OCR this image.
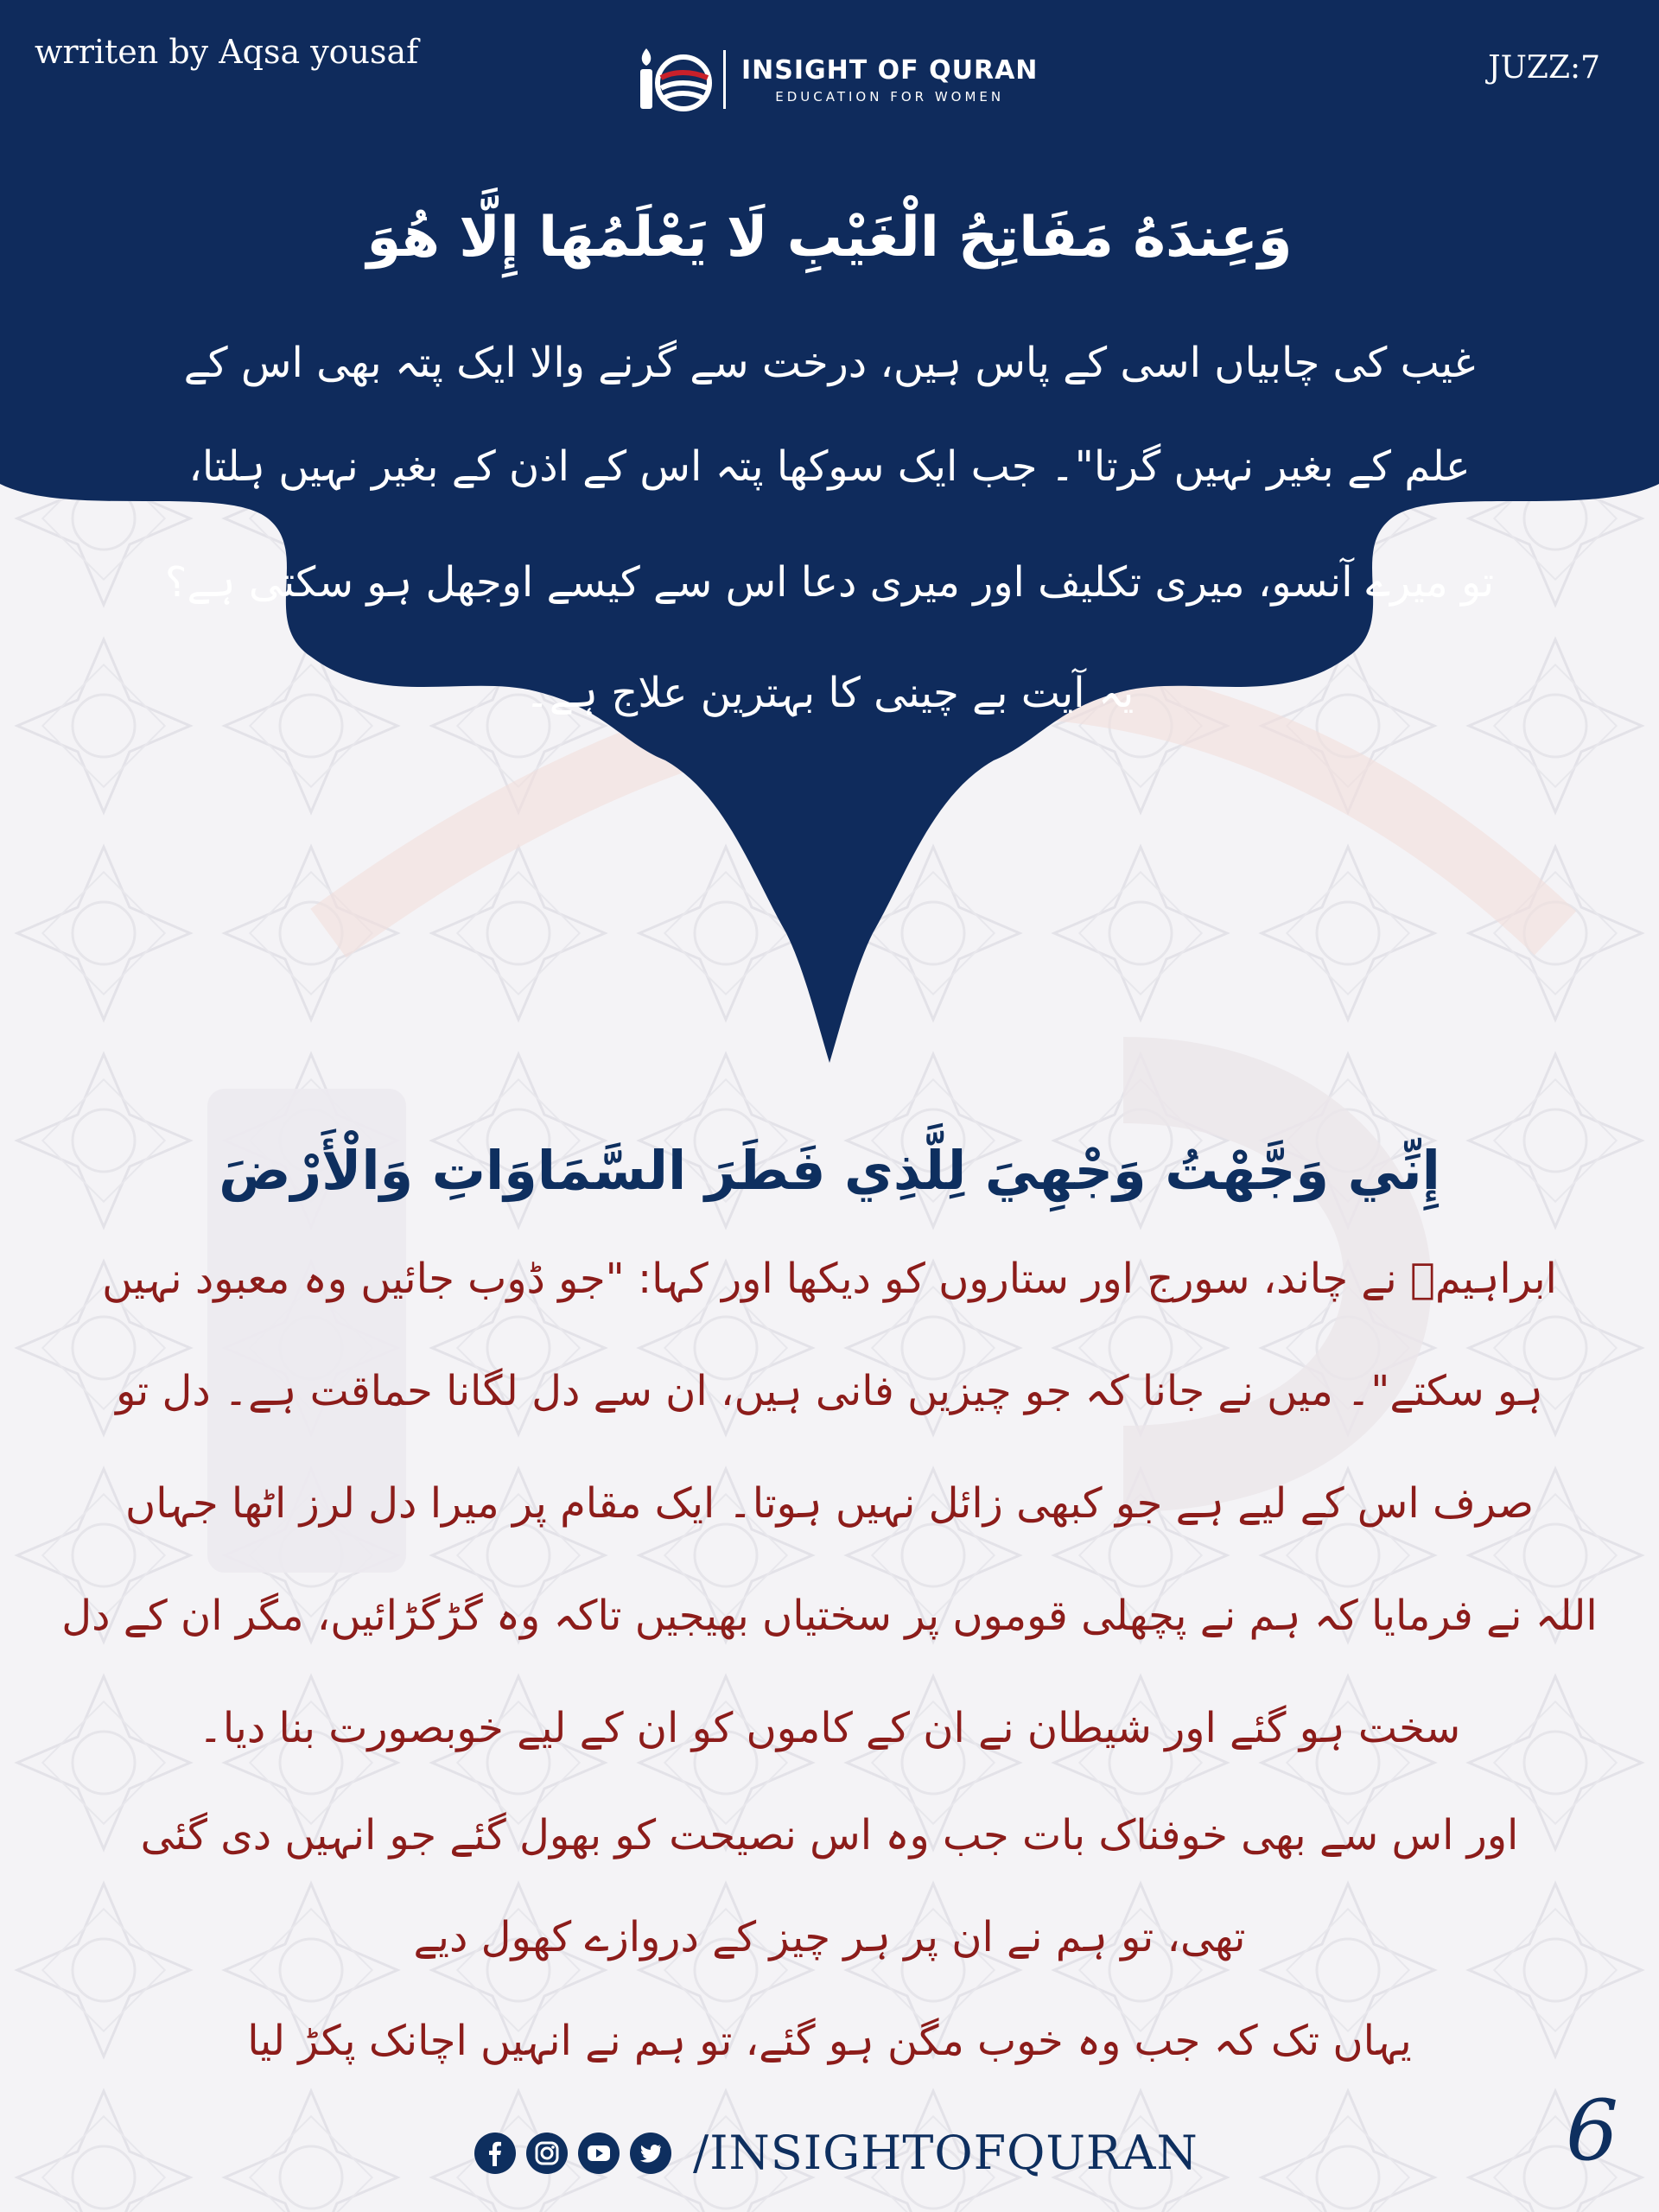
wrriten by Aqsa yousaf	JUZZ:7
INSIGHT OF QURAN
EDUCATION FOR WOMEN
وَعِندَهُ مَفَاتِحُ الْغَيْبِ لَا يَعْلَمُهَا إِلَّا هُوَ
غیب کی چابیاں اسی کے پاس ہیں، درخت سے گرنے والا ایک پتہ بھی اس کے
علم کے بغیر نہیں گرتا"۔ جب ایک سوکھا پتہ اس کے اذن کے بغیر نہیں ہلتا،
تو میرے آنسو، میری تکلیف اور میری دعا اس سے کیسے اوجھل ہو سکتی ہے؟
یہ آیت بے چینی کا بہترین علاج ہے۔
إِنِّي وَجَّهْتُ وَجْهِيَ لِلَّذِي فَطَرَ السَّمَاوَاتِ وَالْأَرْضَ
ابراہیمؑ نے چاند، سورج اور ستاروں کو دیکھا اور کہا: "جو ڈوب جائیں وہ معبود نہیں
ہو سکتے"۔ میں نے جانا کہ جو چیزیں فانی ہیں، ان سے دل لگانا حماقت ہے۔ دل تو
صرف اس کے لیے ہے جو کبھی زائل نہیں ہوتا۔ ایک مقام پر میرا دل لرز اٹھا جہاں
اللہ نے فرمایا کہ ہم نے پچھلی قوموں پر سختیاں بھیجیں تاکہ وہ گڑگڑائیں، مگر ان کے دل
سخت ہو گئے اور شیطان نے ان کے کاموں کو ان کے لیے خوبصورت بنا دیا۔
اور اس سے بھی خوفناک بات جب وہ اس نصیحت کو بھول گئے جو انہیں دی گئی
تھی، تو ہم نے ان پر ہر چیز کے دروازے کھول دیے
یہاں تک کہ جب وہ خوب مگن ہو گئے، تو ہم نے انہیں اچانک پکڑ لیا
6
/INSIGHTOFQURAN
